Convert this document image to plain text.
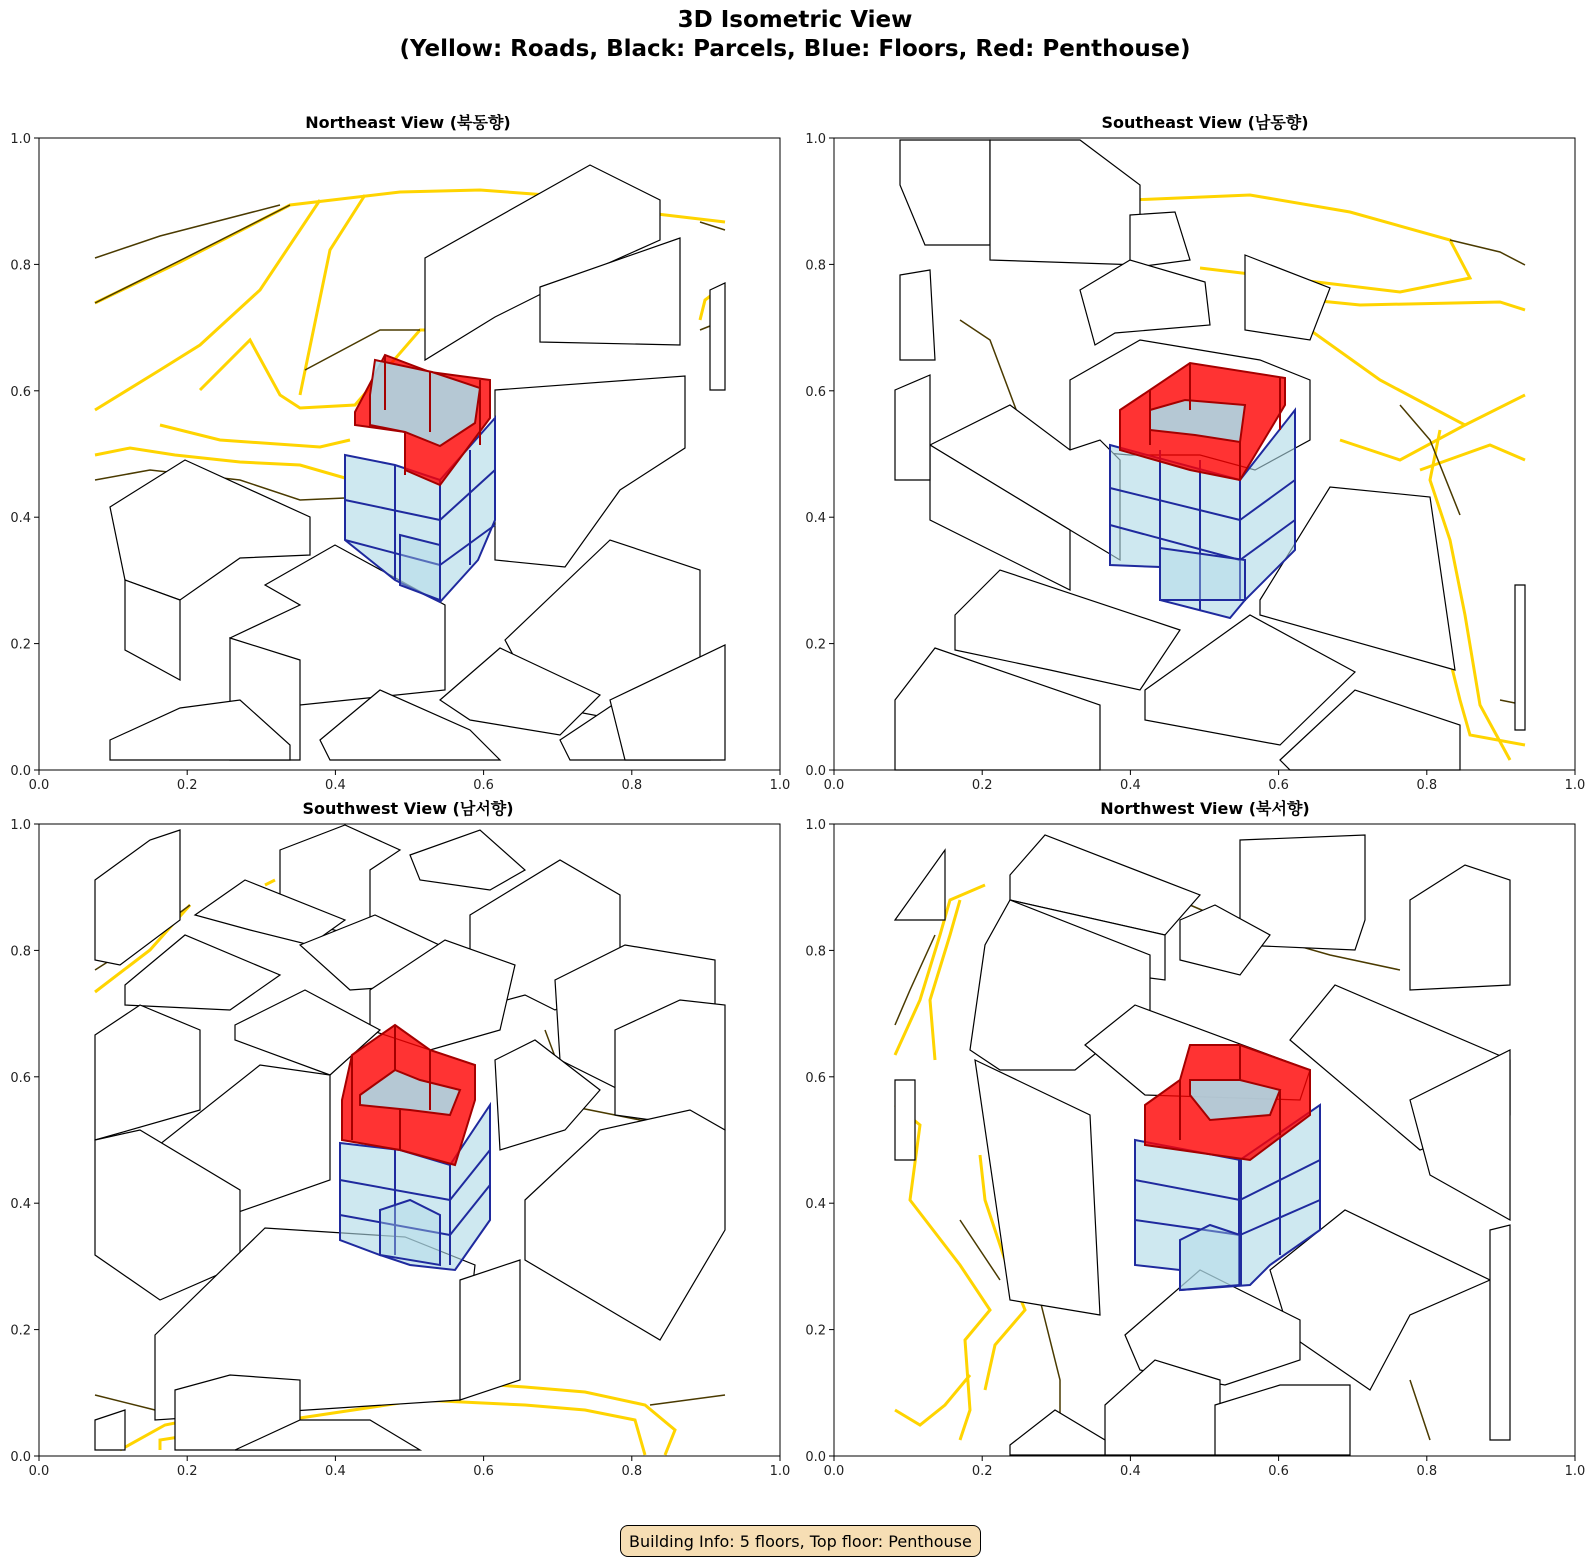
3D Isometric View
(Yellow: Roads, Black: Parcels, Blue: Floors, Red: Penthouse)
Northeast View (북동향)	Southeast View (남동향)
Southwest View (남서향)	Northwest View (북서향)
0.0	0.2	0.4	0.6	0.8	1.0
0.0
0.2
0.4
0.6
0.8
1.0
0.0	0.2	0.4	0.6	0.8	1.0
0.0
0.2
0.4
0.6
0.8
1.0
0.0	0.2	0.4	0.6	0.8	1.0
0.0
0.2
0.4
0.6
0.8
1.0
0.0	0.2	0.4	0.6	0.8	1.0
0.0
0.2
0.4
0.6
0.8
1.0
Building Info: 5 floors, Top floor: Penthouse
